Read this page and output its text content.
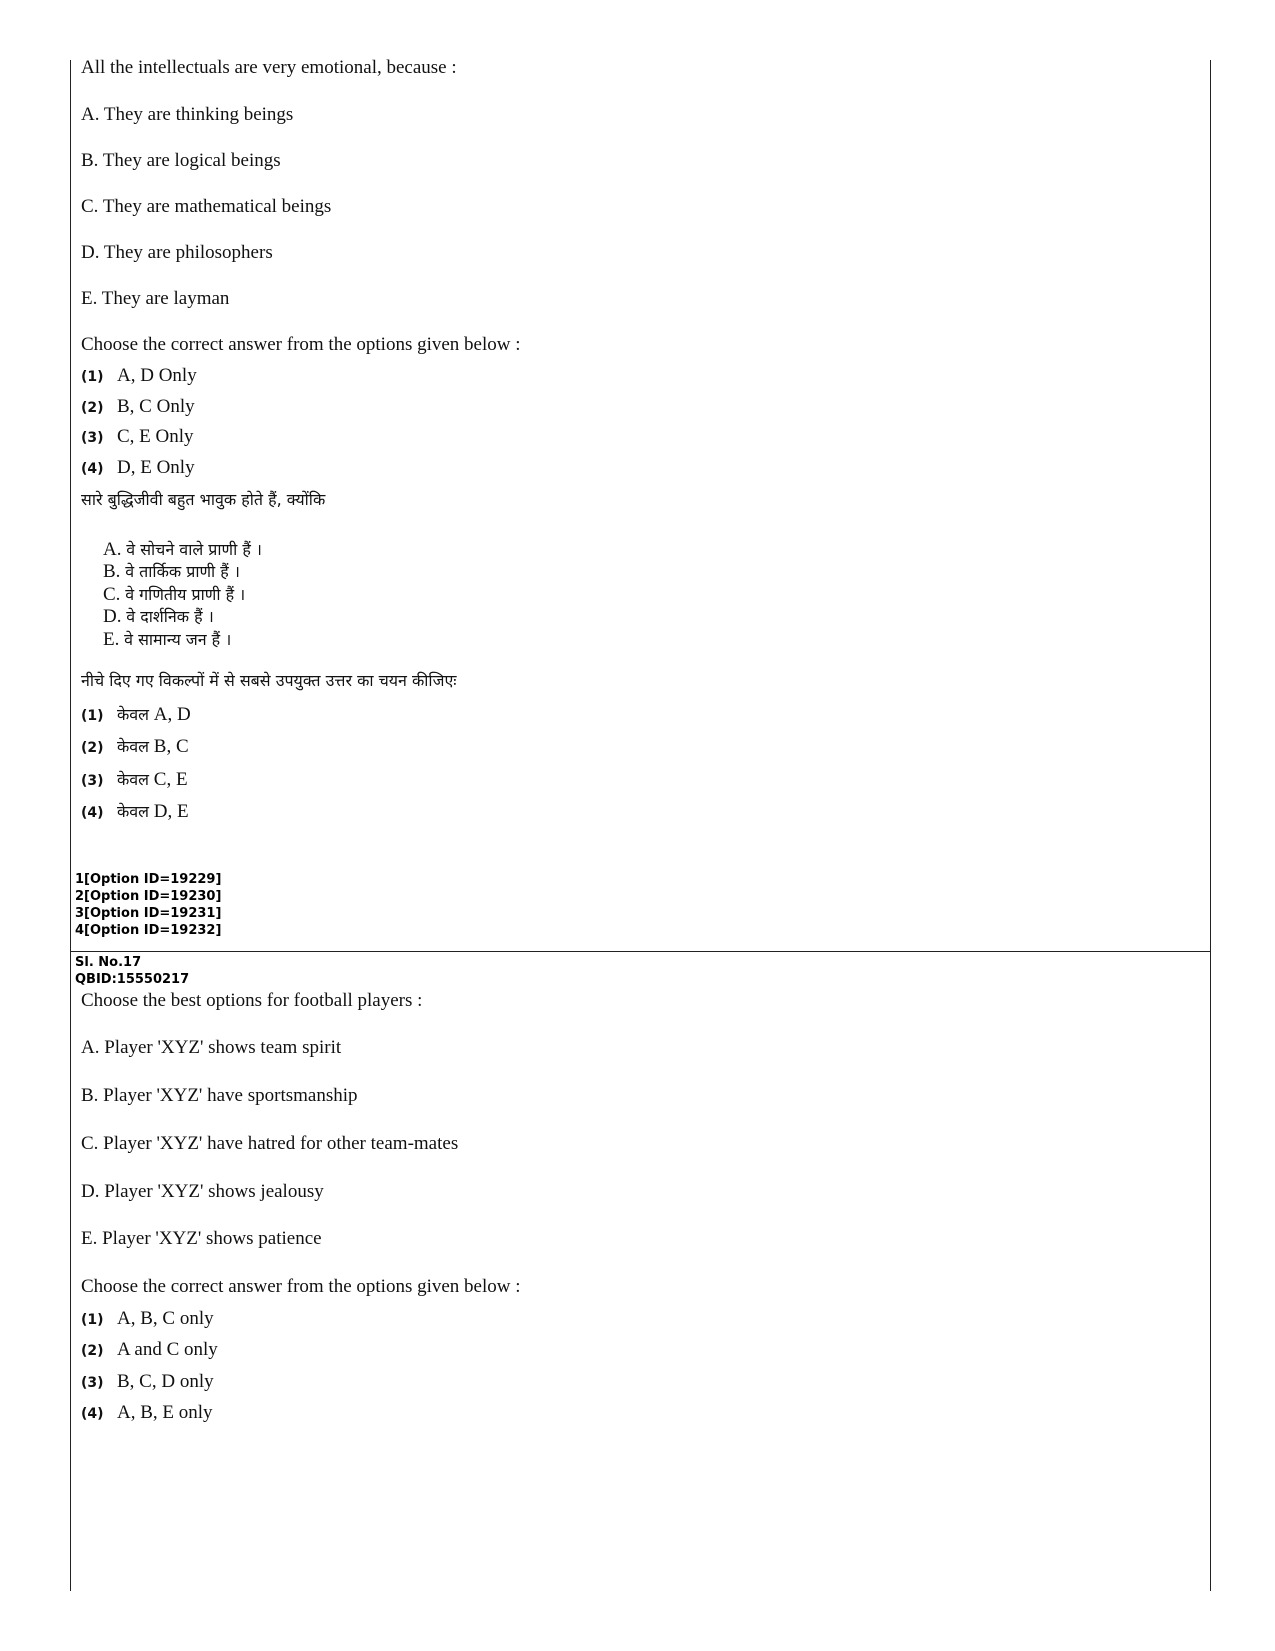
All the intellectuals are very emotional, because :
A. They are thinking beings
B. They are logical beings
C. They are mathematical beings
D. They are philosophers
E. They are layman
Choose the correct answer from the options given below :
(1) A, D Only
(2) B, C Only
(3) C, E Only
(4) D, E Only
सारे बुद्धिजीवी बहुत भावुक होते हैं, क्योंकि
A. वे सोचने वाले प्राणी हैं ।
B. वे तार्किक प्राणी हैं ।
C. वे गणितीय प्राणी हैं ।
D. वे दार्शनिक हैं ।
E. वे सामान्य जन हैं ।
नीचे दिए गए विकल्पों में से सबसे उपयुक्त उत्तर का चयन कीजिएः
(1) केवल A, D
(2) केवल B, C
(3) केवल C, E
(4) केवल D, E
1[Option ID=19229]
2[Option ID=19230]
3[Option ID=19231]
4[Option ID=19232]
Sl. No.17
QBID:15550217
Choose the best options for football players :
A. Player 'XYZ' shows team spirit
B. Player 'XYZ' have sportsmanship
C. Player 'XYZ' have hatred for other team-mates
D. Player 'XYZ' shows jealousy
E. Player 'XYZ' shows patience
Choose the correct answer from the options given below :
(1) A, B, C only
(2) A and C only
(3) B, C, D only
(4) A, B, E only
